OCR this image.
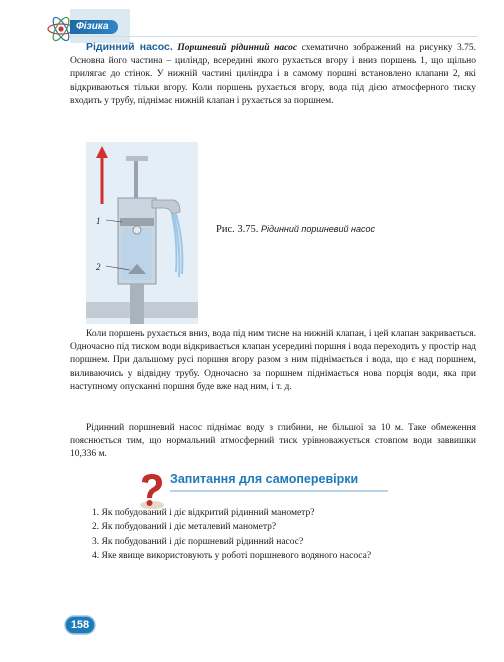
Фізика

Рідинний насос. Поршневий рідинний насос схематично зображений на рисунку 3.75. Основна його частина – циліндр, всередині якого рухається вгору і вниз поршень 1, що щільно прилягає до стінок. У нижній частині циліндра і в самому поршні встановлено клапани 2, які відкриваються тільки вгору. Коли поршень рухається вгору, вода під дією атмосферного тиску входить у трубу, піднімає нижній клапан і рухається за поршнем.

1
2
Рис. 3.75. Рідинний поршневий насос

Коли поршень рухається вниз, вода під ним тисне на нижній клапан, і цей клапан закривається. Одночасно під тиском води відкривається клапан усередині поршня і вода переходить у простір над поршнем. При дальшому русі поршня вгору разом з ним піднімається і вода, що є над поршнем, виливаючись у відвідну трубу. Одночасно за поршнем піднімається нова порція води, яка при наступному опусканні поршня буде вже над ним, і т. д.

Рідинний поршневий насос піднімає воду з глибини, не більшої за 10 м. Таке обмеження пояснюється тим, що нормальний атмосферний тиск урівноважується стовпом води заввишки 10,336 м.

Запитання для самоперевірки
1. Як побудований і діє відкритий рідинний манометр?
2. Як побудований і діє металевий манометр?
3. Як побудований і діє поршневий рідинний насос?
4. Яке явище використовують у роботі поршневого водяного насоса?
158
